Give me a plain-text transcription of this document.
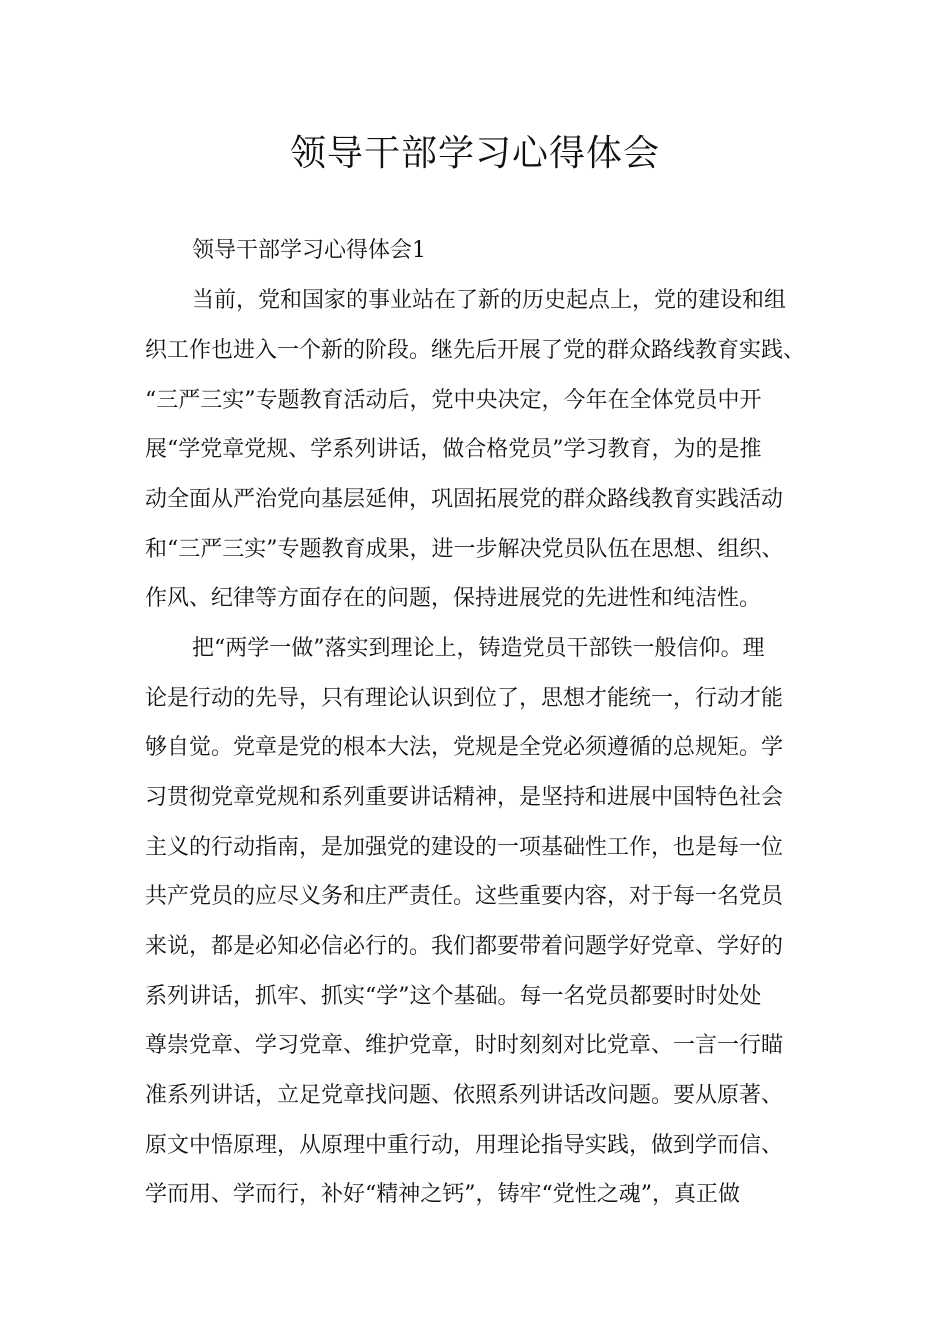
领导干部学习心得体会
领导干部学习心得体会1

当前，党和国家的事业站在了新的历史起点上，党的建设和组

织工作也进入一个新的阶段。继先后开展了党的群众路线教育实践、

“三严三实”专题教育活动后，党中央决定，今年在全体党员中开

展“学党章党规、学系列讲话，做合格党员”学习教育，为的是推

动全面从严治党向基层延伸，巩固拓展党的群众路线教育实践活动

和“三严三实”专题教育成果，进一步解决党员队伍在思想、组织、

作风、纪律等方面存在的问题，保持进展党的先进性和纯洁性。

把“两学一做”落实到理论上，铸造党员干部铁一般信仰。理

论是行动的先导，只有理论认识到位了，思想才能统一，行动才能

够自觉。党章是党的根本大法，党规是全党必须遵循的总规矩。学

习贯彻党章党规和系列重要讲话精神，是坚持和进展中国特色社会

主义的行动指南，是加强党的建设的一项基础性工作，也是每一位

共产党员的应尽义务和庄严责任。这些重要内容，对于每一名党员

来说，都是必知必信必行的。我们都要带着问题学好党章、学好的

系列讲话，抓牢、抓实“学”这个基础。每一名党员都要时时处处

尊崇党章、学习党章、维护党章，时时刻刻对比党章、一言一行瞄

准系列讲话，立足党章找问题、依照系列讲话改问题。要从原著、

原文中悟原理，从原理中重行动，用理论指导实践，做到学而信、

学而用、学而行，补好“精神之钙”，铸牢“党性之魂”，真正做
